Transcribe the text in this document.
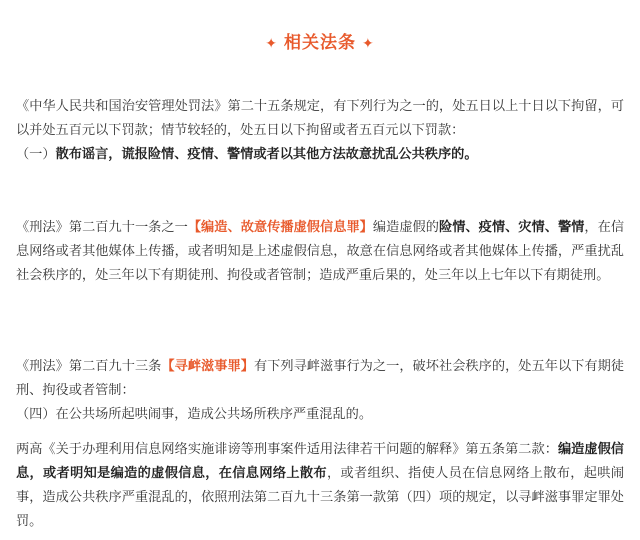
✦ 相关法条 ✦

《中华人民共和国治安管理处罚法》第二十五条规定，有下列行为之一的，处五日以上十日以下拘留，可以并处五百元以下罚款；情节较轻的，处五日以下拘留或者五百元以下罚款：

（一）散布谣言，谎报险情、疫情、警情或者以其他方法故意扰乱公共秩序的。

《刑法》第二百九十一条之一【编造、故意传播虚假信息罪】编造虚假的险情、疫情、灾情、警情，在信息网络或者其他媒体上传播，或者明知是上述虚假信息，故意在信息网络或者其他媒体上传播，严重扰乱社会秩序的，处三年以下有期徒刑、拘役或者管制；造成严重后果的，处三年以上七年以下有期徒刑。

《刑法》第二百九十三条【寻衅滋事罪】有下列寻衅滋事行为之一，破坏社会秩序的，处五年以下有期徒刑、拘役或者管制：

（四）在公共场所起哄闹事，造成公共场所秩序严重混乱的。

两高《关于办理利用信息网络实施诽谤等刑事案件适用法律若干问题的解释》第五条第二款：编造虚假信息，或者明知是编造的虚假信息，在信息网络上散布，或者组织、指使人员在信息网络上散布，起哄闹事，造成公共秩序严重混乱的，依照刑法第二百九十三条第一款第（四）项的规定，以寻衅滋事罪定罪处罚。
